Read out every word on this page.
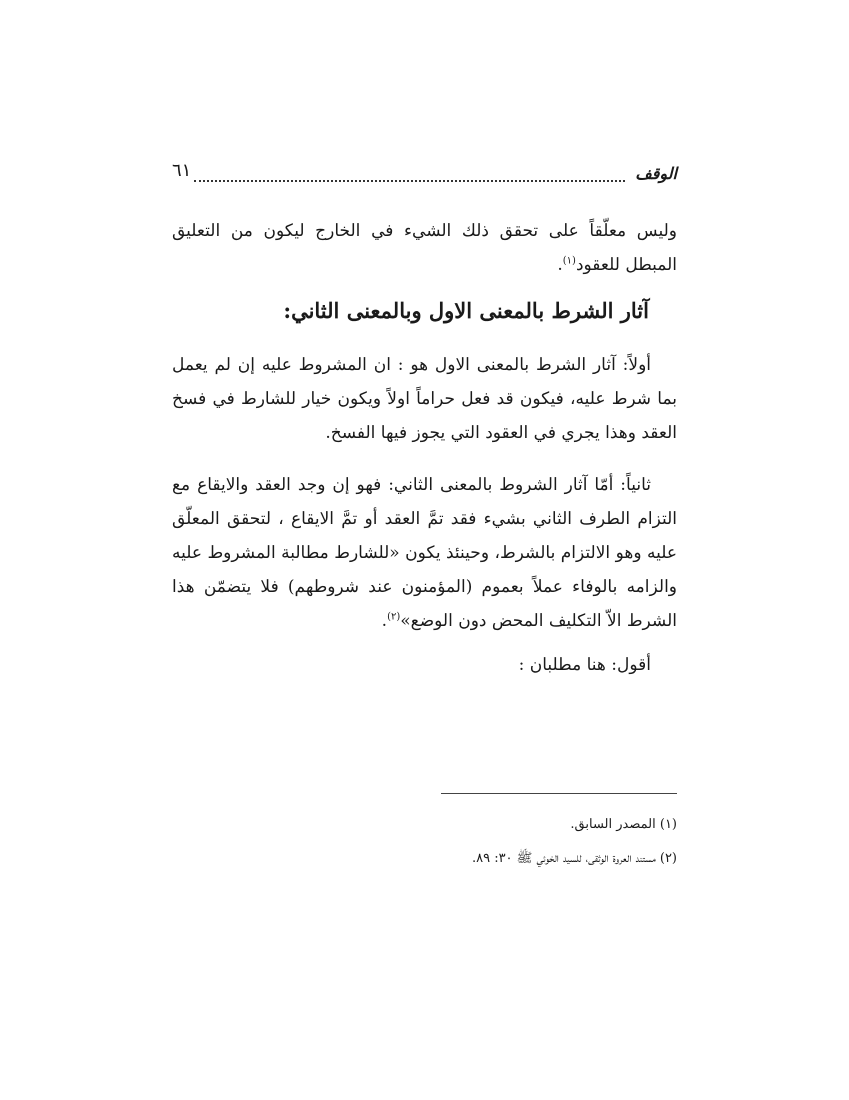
الوقف
٦١

وليس معلّقاً على تحقق ذلك الشيء في الخارج ليكون من التعليق المبطل للعقود$^{(١)}$.

آثار الشرط بالمعنى الاول وبالمعنى الثاني:

أولاً: آثار الشرط بالمعنى الاول هو : ان المشروط عليه إن لم يعمل بما شرط عليه، فيكون قد فعل حراماً اولاً ويكون خيار للشارط في فسخ العقد وهذا يجري في العقود التي يجوز فيها الفسخ.

ثانياً: أمّا آثار الشروط بالمعنى الثاني: فهو إن وجد العقد والايقاع مع التزام الطرف الثاني بشيء فقد تمَّ العقد أو تمَّ الايقاع ، لتحقق المعلّق عليه وهو الالتزام بالشرط، وحينئذ يكون «للشارط مطالبة المشروط عليه والزامه بالوفاء عملاً بعموم (المؤمنون عند شروطهم) فلا يتضمّن هذا الشرط الاّ التكليف المحض دون الوضع»$^{(٢)}$.

أقول: هنا مطلبان :

(١) المصدر السابق.
(٢) مستند العروة الوثقى، للسيد الخوئي ﷺ ٣٠: ٨٩.
